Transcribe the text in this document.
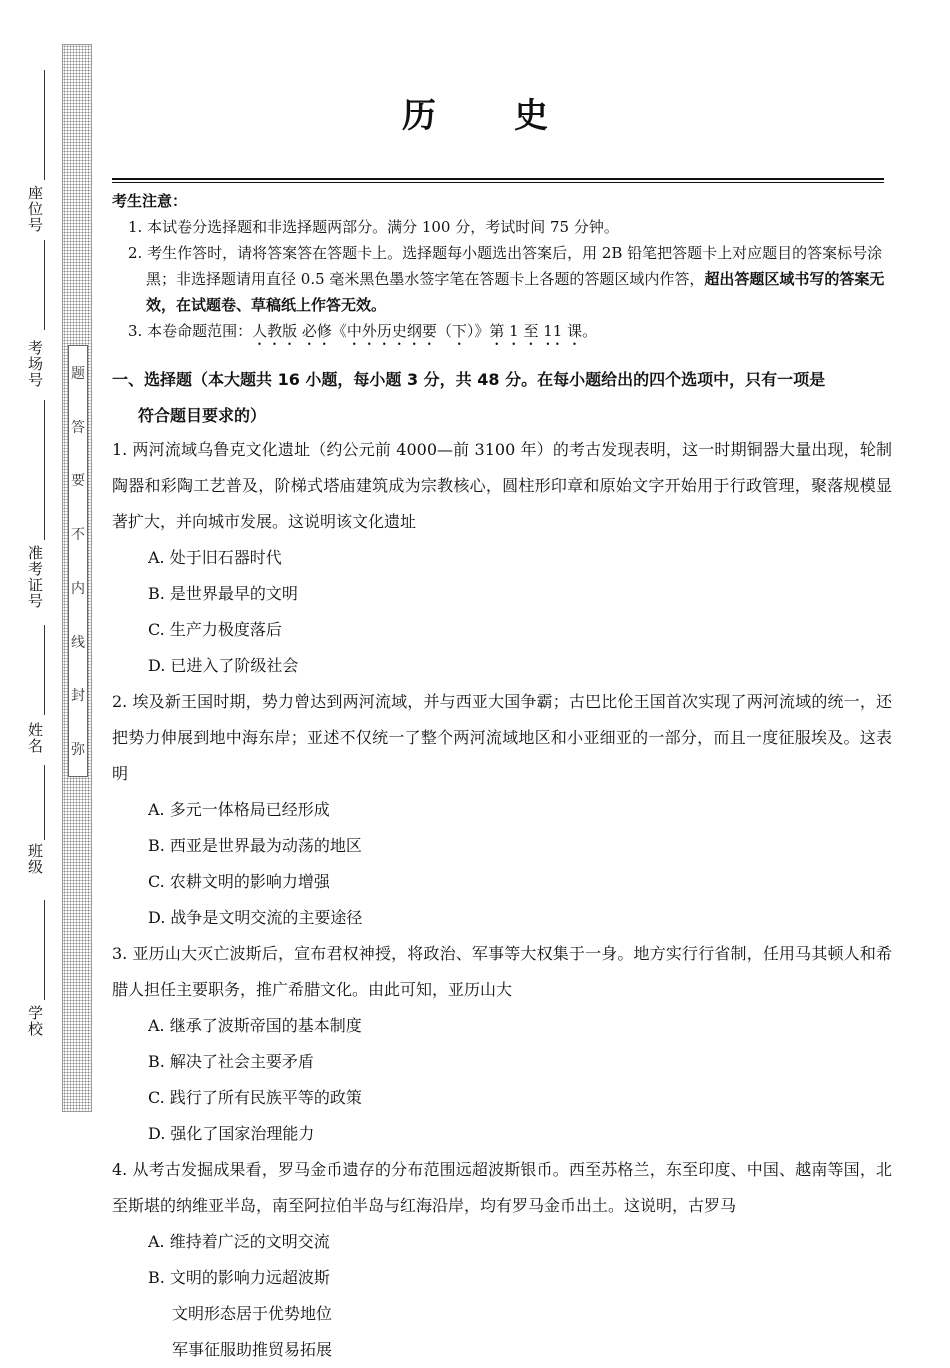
座位号
考场号
准考证号
姓名
班级
学校
题
答
要
不
内
线
封
弥
历史

考生注意：

1. 本试卷分选择题和非选择题两部分。满分 100 分，考试时间 75 分钟。

2. 考生作答时，请将答案答在答题卡上。选择题每小题选出答案后，用 2B 铅笔把答题卡上对应题目的答案标号涂黑；非选择题请用直径 0.5 毫米黑色墨水签字笔在答题卡上各题的答题区域内作答，超出答题区域书写的答案无效，在试题卷、草稿纸上作答无效。

3. 本卷命题范围：人教版 必修《中外历史纲要（下）》第 1 至 11 课。

一、选择题（本大题共 16 小题，每小题 3 分，共 48 分。在每小题给出的四个选项中，只有一项是

符合题目要求的）

1. 两河流域乌鲁克文化遗址（约公元前 4000—前 3100 年）的考古发现表明，这一时期铜器大量出现，轮制陶器和彩陶工艺普及，阶梯式塔庙建筑成为宗教核心，圆柱形印章和原始文字开始用于行政管理，聚落规模显著扩大，并向城市发展。这说明该文化遗址

A. 处于旧石器时代
B. 是世界最早的文明
C. 生产力极度落后
D. 已进入了阶级社会

2. 埃及新王国时期，势力曾达到两河流域，并与西亚大国争霸；古巴比伦王国首次实现了两河流域的统一，还把势力伸展到地中海东岸；亚述不仅统一了整个两河流域地区和小亚细亚的一部分，而且一度征服埃及。这表明

A. 多元一体格局已经形成
B. 西亚是世界最为动荡的地区
C. 农耕文明的影响力增强
D. 战争是文明交流的主要途径

3. 亚历山大灭亡波斯后，宣布君权神授，将政治、军事等大权集于一身。地方实行行省制，任用马其顿人和希腊人担任主要职务，推广希腊文化。由此可知，亚历山大

A. 继承了波斯帝国的基本制度
B. 解决了社会主要矛盾
C. 践行了所有民族平等的政策
D. 强化了国家治理能力

4. 从考古发掘成果看，罗马金币遗存的分布范围远超波斯银币。西至苏格兰，东至印度、中国、越南等国，北至斯堪的纳维亚半岛，南至阿拉伯半岛与红海沿岸，均有罗马金币出土。这说明，古罗马

A. 维持着广泛的文明交流
B. 文明的影响力远超波斯
文明形态居于优势地位
军事征服助推贸易拓展
